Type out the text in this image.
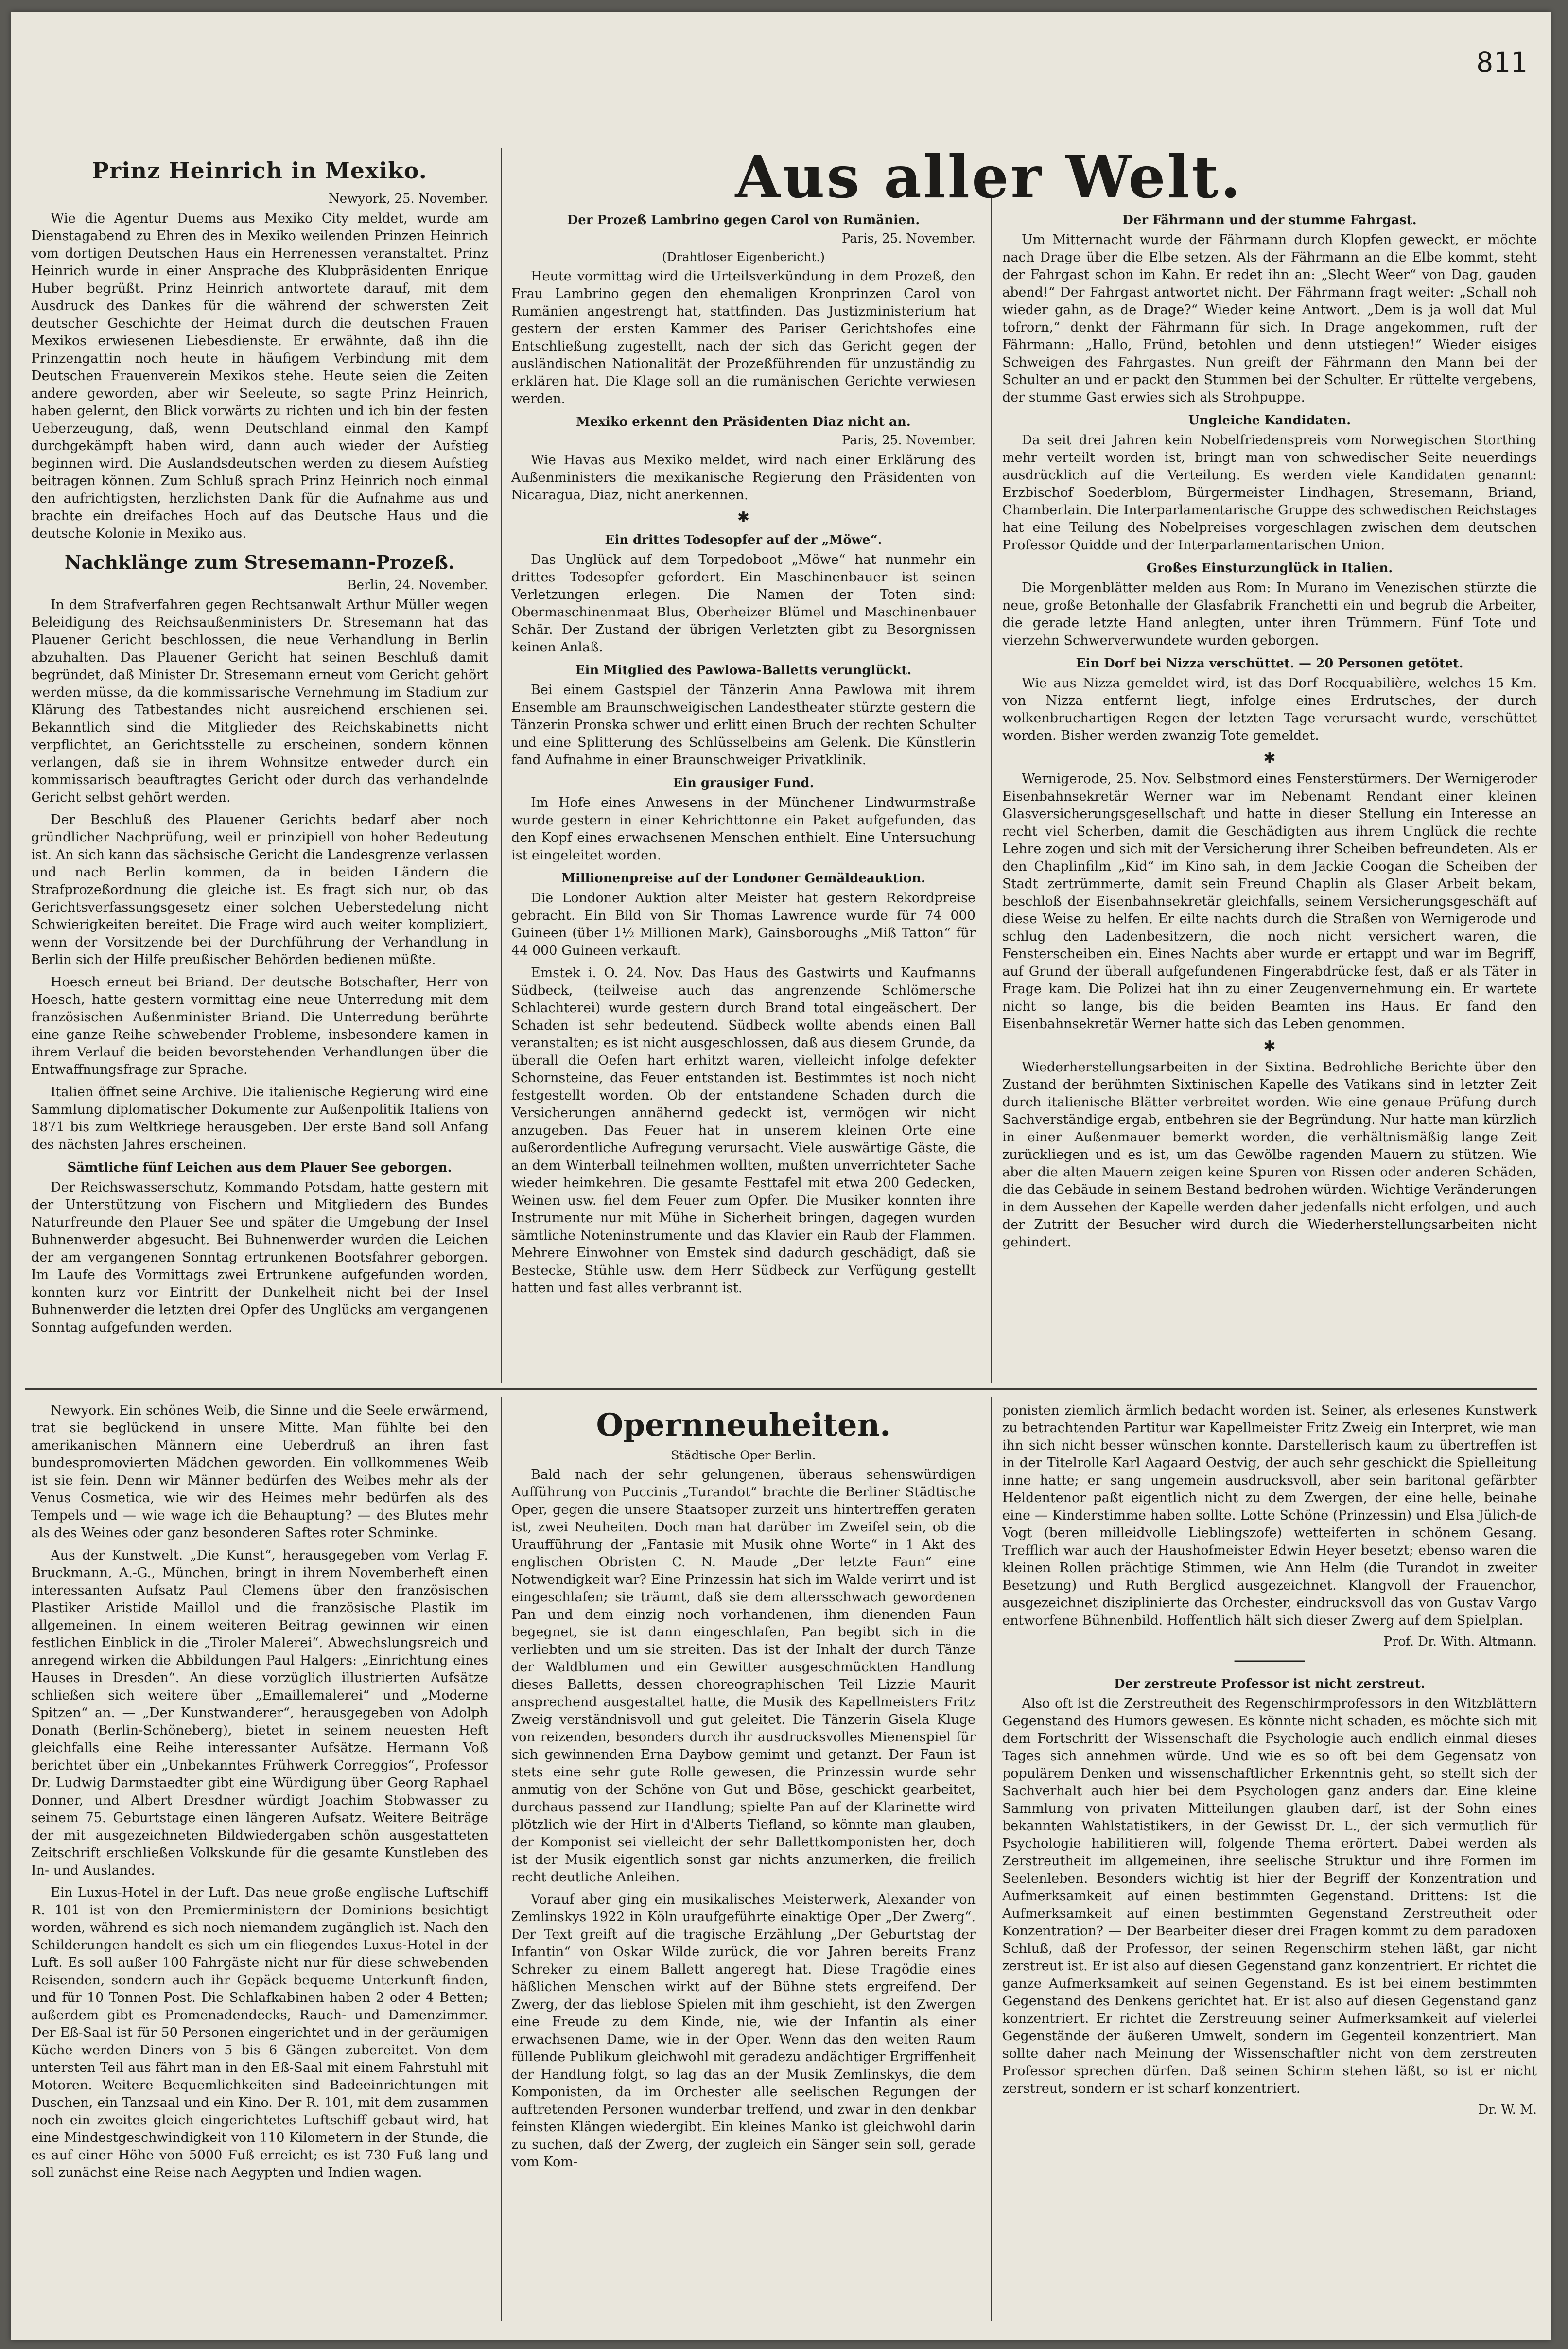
811
Prinz Heinrich in Mexiko.
Newyork, 25. November.

Wie die Agentur Duems aus Mexiko City meldet, wurde am Dienstagabend zu Ehren des in Mexiko weilenden Prinzen Heinrich vom dortigen Deutschen Haus ein Herrenessen veranstaltet. Prinz Heinrich wurde in einer Ansprache des Klubpräsidenten Enrique Huber begrüßt. Prinz Heinrich antwortete darauf, mit dem Ausdruck des Dankes für die während der schwersten Zeit deutscher Geschichte der Heimat durch die deutschen Frauen Mexikos erwiesenen Liebesdienste. Er erwähnte, daß ihn die Prinzengattin noch heute in häufigem Verbindung mit dem Deutschen Frauenverein Mexikos stehe. Heute seien die Zeiten andere geworden, aber wir Seeleute, so sagte Prinz Heinrich, haben gelernt, den Blick vorwärts zu richten und ich bin der festen Ueberzeugung, daß, wenn Deutschland einmal den Kampf durchgekämpft haben wird, dann auch wieder der Aufstieg beginnen wird. Die Auslandsdeutschen werden zu diesem Aufstieg beitragen können. Zum Schluß sprach Prinz Heinrich noch einmal den aufrichtigsten, herzlichsten Dank für die Aufnahme aus und brachte ein dreifaches Hoch auf das Deutsche Haus und die deutsche Kolonie in Mexiko aus.

Nachklänge zum Stresemann-Prozeß.
Berlin, 24. November.

In dem Strafverfahren gegen Rechtsanwalt Arthur Müller wegen Beleidigung des Reichsaußenministers Dr. Stresemann hat das Plauener Gericht beschlossen, die neue Verhandlung in Berlin abzuhalten. Das Plauener Gericht hat seinen Beschluß damit begründet, daß Minister Dr. Stresemann erneut vom Gericht gehört werden müsse, da die kommissarische Vernehmung im Stadium zur Klärung des Tatbestandes nicht ausreichend erschienen sei. Bekanntlich sind die Mitglieder des Reichskabinetts nicht verpflichtet, an Gerichtsstelle zu erscheinen, sondern können verlangen, daß sie in ihrem Wohnsitze entweder durch ein kommissarisch beauftragtes Gericht oder durch das verhandelnde Gericht selbst gehört werden.

Der Beschluß des Plauener Gerichts bedarf aber noch gründlicher Nachprüfung, weil er prinzipiell von hoher Bedeutung ist. An sich kann das sächsische Gericht die Landesgrenze verlassen und nach Berlin kommen, da in beiden Ländern die Strafprozeßordnung die gleiche ist. Es fragt sich nur, ob das Gerichtsverfassungsgesetz einer solchen Ueberstedelung nicht Schwierigkeiten bereitet. Die Frage wird auch weiter kompliziert, wenn der Vorsitzende bei der Durchführung der Verhandlung in Berlin sich der Hilfe preußischer Behörden bedienen müßte.

Hoesch erneut bei Briand. Der deutsche Botschafter, Herr von Hoesch, hatte gestern vormittag eine neue Unterredung mit dem französischen Außenminister Briand. Die Unterredung berührte eine ganze Reihe schwebender Probleme, insbesondere kamen in ihrem Verlauf die beiden bevorstehenden Verhandlungen über die Entwaffnungsfrage zur Sprache.

Italien öffnet seine Archive. Die italienische Regierung wird eine Sammlung diplomatischer Dokumente zur Außenpolitik Italiens von 1871 bis zum Weltkriege herausgeben. Der erste Band soll Anfang des nächsten Jahres erscheinen.

Sämtliche fünf Leichen aus dem Plauer See geborgen.

Der Reichswasserschutz, Kommando Potsdam, hatte gestern mit der Unterstützung von Fischern und Mitgliedern des Bundes Naturfreunde den Plauer See und später die Umgebung der Insel Buhnenwerder abgesucht. Bei Buhnenwerder wurden die Leichen der am vergangenen Sonntag ertrunkenen Bootsfahrer geborgen. Im Laufe des Vormittags zwei Ertrunkene aufgefunden worden, konnten kurz vor Eintritt der Dunkelheit nicht bei der Insel Buhnenwerder die letzten drei Opfer des Unglücks am vergangenen Sonntag aufgefunden werden.

Aus aller Welt.
Der Prozeß Lambrino gegen Carol von Rumänien.
Paris, 25. November.
(Drahtloser Eigenbericht.)

Heute vormittag wird die Urteilsverkündung in dem Prozeß, den Frau Lambrino gegen den ehemaligen Kronprinzen Carol von Rumänien angestrengt hat, stattfinden. Das Justizministerium hat gestern der ersten Kammer des Pariser Gerichtshofes eine Entschließung zugestellt, nach der sich das Gericht gegen der ausländischen Nationalität der Prozeßführenden für unzuständig zu erklären hat. Die Klage soll an die rumänischen Gerichte verwiesen werden.

Mexiko erkennt den Präsidenten Diaz nicht an.
Paris, 25. November.

Wie Havas aus Mexiko meldet, wird nach einer Erklärung des Außenministers die mexikanische Regierung den Präsidenten von Nicaragua, Diaz, nicht anerkennen.

✱
Ein drittes Todesopfer auf der „Möwe“.

Das Unglück auf dem Torpedoboot „Möwe“ hat nunmehr ein drittes Todesopfer gefordert. Ein Maschinenbauer ist seinen Verletzungen erlegen. Die Namen der Toten sind: Obermaschinenmaat Blus, Oberheizer Blümel und Maschinenbauer Schär. Der Zustand der übrigen Verletzten gibt zu Besorgnissen keinen Anlaß.

Ein Mitglied des Pawlowa-Balletts verunglückt.

Bei einem Gastspiel der Tänzerin Anna Pawlowa mit ihrem Ensemble am Braunschweigischen Landestheater stürzte gestern die Tänzerin Pronska schwer und erlitt einen Bruch der rechten Schulter und eine Splitterung des Schlüsselbeins am Gelenk. Die Künstlerin fand Aufnahme in einer Braunschweiger Privatklinik.

Ein grausiger Fund.

Im Hofe eines Anwesens in der Münchener Lindwurmstraße wurde gestern in einer Kehrichttonne ein Paket aufgefunden, das den Kopf eines erwachsenen Menschen enthielt. Eine Untersuchung ist eingeleitet worden.

Millionenpreise auf der Londoner Gemäldeauktion.

Die Londoner Auktion alter Meister hat gestern Rekordpreise gebracht. Ein Bild von Sir Thomas Lawrence wurde für 74 000 Guineen (über 1½ Millionen Mark), Gainsboroughs „Miß Tatton“ für 44 000 Guineen verkauft.

Emstek i. O. 24. Nov. Das Haus des Gastwirts und Kaufmanns Südbeck, (teilweise auch das angrenzende Schlömersche Schlachterei) wurde gestern durch Brand total eingeäschert. Der Schaden ist sehr bedeutend. Südbeck wollte abends einen Ball veranstalten; es ist nicht ausgeschlossen, daß aus diesem Grunde, da überall die Oefen hart erhitzt waren, vielleicht infolge defekter Schornsteine, das Feuer entstanden ist. Bestimmtes ist noch nicht festgestellt worden. Ob der entstandene Schaden durch die Versicherungen annähernd gedeckt ist, vermögen wir nicht anzugeben. Das Feuer hat in unserem kleinen Orte eine außerordentliche Aufregung verursacht. Viele auswärtige Gäste, die an dem Winterball teilnehmen wollten, mußten unverrichteter Sache wieder heimkehren. Die gesamte Festtafel mit etwa 200 Gedecken, Weinen usw. fiel dem Feuer zum Opfer. Die Musiker konnten ihre Instrumente nur mit Mühe in Sicherheit bringen, dagegen wurden sämtliche Noteninstrumente und das Klavier ein Raub der Flammen. Mehrere Einwohner von Emstek sind dadurch geschädigt, daß sie Bestecke, Stühle usw. dem Herr Südbeck zur Verfügung gestellt hatten und fast alles verbrannt ist.

Der Fährmann und der stumme Fahrgast.

Um Mitternacht wurde der Fährmann durch Klopfen geweckt, er möchte nach Drage über die Elbe setzen. Als der Fährmann an die Elbe kommt, steht der Fahrgast schon im Kahn. Er redet ihn an: „Slecht Weer“ von Dag, gauden abend!“ Der Fahrgast antwortet nicht. Der Fährmann fragt weiter: „Schall noh wieder gahn, as de Drage?“ Wieder keine Antwort. „Dem is ja woll dat Mul tofrorn,“ denkt der Fährmann für sich. In Drage angekommen, ruft der Fährmann: „Hallo, Fründ, betohlen und denn utstiegen!“ Wieder eisiges Schweigen des Fahrgastes. Nun greift der Fährmann den Mann bei der Schulter an und er packt den Stummen bei der Schulter. Er rüttelte vergebens, der stumme Gast erwies sich als Strohpuppe.

Ungleiche Kandidaten.

Da seit drei Jahren kein Nobelfriedenspreis vom Norwegischen Storthing mehr verteilt worden ist, bringt man von schwedischer Seite neuerdings ausdrücklich auf die Verteilung. Es werden viele Kandidaten genannt: Erzbischof Soederblom, Bürgermeister Lindhagen, Stresemann, Briand, Chamberlain. Die Interparlamentarische Gruppe des schwedischen Reichstages hat eine Teilung des Nobelpreises vorgeschlagen zwischen dem deutschen Professor Quidde und der Interparlamentarischen Union.

Großes Einsturzunglück in Italien.

Die Morgenblätter melden aus Rom: In Murano im Venezischen stürzte die neue, große Betonhalle der Glasfabrik Franchetti ein und begrub die Arbeiter, die gerade letzte Hand anlegten, unter ihren Trümmern. Fünf Tote und vierzehn Schwerverwundete wurden geborgen.

Ein Dorf bei Nizza verschüttet. — 20 Personen getötet.

Wie aus Nizza gemeldet wird, ist das Dorf Rocquabilière, welches 15 Km. von Nizza entfernt liegt, infolge eines Erdrutsches, der durch wolkenbruchartigen Regen der letzten Tage verursacht wurde, verschüttet worden. Bisher werden zwanzig Tote gemeldet.

✱

Wernigerode, 25. Nov. Selbstmord eines Fensterstürmers. Der Wernigeroder Eisenbahnsekretär Werner war im Nebenamt Rendant einer kleinen Glasversicherungsgesellschaft und hatte in dieser Stellung ein Interesse an recht viel Scherben, damit die Geschädigten aus ihrem Unglück die rechte Lehre zogen und sich mit der Versicherung ihrer Scheiben befreundeten. Als er den Chaplinfilm „Kid“ im Kino sah, in dem Jackie Coogan die Scheiben der Stadt zertrümmerte, damit sein Freund Chaplin als Glaser Arbeit bekam, beschloß der Eisenbahnsekretär gleichfalls, seinem Versicherungsgeschäft auf diese Weise zu helfen. Er eilte nachts durch die Straßen von Wernigerode und schlug den Ladenbesitzern, die noch nicht versichert waren, die Fensterscheiben ein. Eines Nachts aber wurde er ertappt und war im Begriff, auf Grund der überall aufgefundenen Fingerabdrücke fest, daß er als Täter in Frage kam. Die Polizei hat ihn zu einer Zeugenvernehmung ein. Er wartete nicht so lange, bis die beiden Beamten ins Haus. Er fand den Eisenbahnsekretär Werner hatte sich das Leben genommen.

✱

Wiederherstellungsarbeiten in der Sixtina. Bedrohliche Berichte über den Zustand der berühmten Sixtinischen Kapelle des Vatikans sind in letzter Zeit durch italienische Blätter verbreitet worden. Wie eine genaue Prüfung durch Sachverständige ergab, entbehren sie der Begründung. Nur hatte man kürzlich in einer Außenmauer bemerkt worden, die verhältnismäßig lange Zeit zurückliegen und es ist, um das Gewölbe ragenden Mauern zu stützen. Wie aber die alten Mauern zeigen keine Spuren von Rissen oder anderen Schäden, die das Gebäude in seinem Bestand bedrohen würden. Wichtige Veränderungen in dem Aussehen der Kapelle werden daher jedenfalls nicht erfolgen, und auch der Zutritt der Besucher wird durch die Wiederherstellungsarbeiten nicht gehindert.

Newyork. Ein schönes Weib, die Sinne und die Seele erwärmend, trat sie beglückend in unsere Mitte. Man fühlte bei den amerikanischen Männern eine Ueberdruß an ihren fast bundespromovierten Mädchen geworden. Ein vollkommenes Weib ist sie fein. Denn wir Männer bedürfen des Weibes mehr als der Venus Cosmetica, wie wir des Heimes mehr bedürfen als des Tempels und — wie wage ich die Behauptung? — des Blutes mehr als des Weines oder ganz besonderen Saftes roter Schminke.

Aus der Kunstwelt. „Die Kunst“, herausgegeben vom Verlag F. Bruckmann, A.-G., München, bringt in ihrem Novemberheft einen interessanten Aufsatz Paul Clemens über den französischen Plastiker Aristide Maillol und die französische Plastik im allgemeinen. In einem weiteren Beitrag gewinnen wir einen festlichen Einblick in die „Tiroler Malerei“. Abwechslungsreich und anregend wirken die Abbildungen Paul Halgers: „Einrichtung eines Hauses in Dresden“. An diese vorzüglich illustrierten Aufsätze schließen sich weitere über „Emaillemalerei“ und „Moderne Spitzen“ an. — „Der Kunstwanderer“, herausgegeben von Adolph Donath (Berlin-Schöneberg), bietet in seinem neuesten Heft gleichfalls eine Reihe interessanter Aufsätze. Hermann Voß berichtet über ein „Unbekanntes Frühwerk Correggios“, Professor Dr. Ludwig Darmstaedter gibt eine Würdigung über Georg Raphael Donner, und Albert Dresdner würdigt Joachim Stobwasser zu seinem 75. Geburtstage einen längeren Aufsatz. Weitere Beiträge der mit ausgezeichneten Bildwiedergaben schön ausgestatteten Zeitschrift erschließen Volkskunde für die gesamte Kunstleben des In- und Auslandes.

Ein Luxus-Hotel in der Luft. Das neue große englische Luftschiff R. 101 ist von den Premierministern der Dominions besichtigt worden, während es sich noch niemandem zugänglich ist. Nach den Schilderungen handelt es sich um ein fliegendes Luxus-Hotel in der Luft. Es soll außer 100 Fahrgäste nicht nur für diese schwebenden Reisenden, sondern auch ihr Gepäck bequeme Unterkunft finden, und für 10 Tonnen Post. Die Schlafkabinen haben 2 oder 4 Betten; außerdem gibt es Promenadendecks, Rauch- und Damenzimmer. Der Eß-Saal ist für 50 Personen eingerichtet und in der geräumigen Küche werden Diners von 5 bis 6 Gängen zubereitet. Von dem untersten Teil aus fährt man in den Eß-Saal mit einem Fahrstuhl mit Motoren. Weitere Bequemlichkeiten sind Badeeinrichtungen mit Duschen, ein Tanzsaal und ein Kino. Der R. 101, mit dem zusammen noch ein zweites gleich eingerichtetes Luftschiff gebaut wird, hat eine Mindestgeschwindigkeit von 110 Kilometern in der Stunde, die es auf einer Höhe von 5000 Fuß erreicht; es ist 730 Fuß lang und soll zunächst eine Reise nach Aegypten und Indien wagen.

Opernneuheiten.
Städtische Oper Berlin.

Bald nach der sehr gelungenen, überaus sehenswürdigen Aufführung von Puccinis „Turandot“ brachte die Berliner Städtische Oper, gegen die unsere Staatsoper zurzeit uns hintertreffen geraten ist, zwei Neuheiten. Doch man hat darüber im Zweifel sein, ob die Uraufführung der „Fantasie mit Musik ohne Worte“ in 1 Akt des englischen Obristen C. N. Maude „Der letzte Faun“ eine Notwendigkeit war? Eine Prinzessin hat sich im Walde verirrt und ist eingeschlafen; sie träumt, daß sie dem altersschwach gewordenen Pan und dem einzig noch vorhandenen, ihm dienenden Faun begegnet, sie ist dann eingeschlafen, Pan begibt sich in die verliebten und um sie streiten. Das ist der Inhalt der durch Tänze der Waldblumen und ein Gewitter ausgeschmückten Handlung dieses Balletts, dessen choreographischen Teil Lizzie Maurit ansprechend ausgestaltet hatte, die Musik des Kapellmeisters Fritz Zweig verständnisvoll und gut geleitet. Die Tänzerin Gisela Kluge von reizenden, besonders durch ihr ausdrucksvolles Mienenspiel für sich gewinnenden Erna Daybow gemimt und getanzt. Der Faun ist stets eine sehr gute Rolle gewesen, die Prinzessin wurde sehr anmutig von der Schöne von Gut und Böse, geschickt gearbeitet, durchaus passend zur Handlung; spielte Pan auf der Klarinette wird plötzlich wie der Hirt in d'Alberts Tiefland, so könnte man glauben, der Komponist sei vielleicht der sehr Ballettkomponisten her, doch ist der Musik eigentlich sonst gar nichts anzumerken, die freilich recht deutliche Anleihen.

Vorauf aber ging ein musikalisches Meisterwerk, Alexander von Zemlinskys 1922 in Köln uraufgeführte einaktige Oper „Der Zwerg“. Der Text greift auf die tragische Erzählung „Der Geburtstag der Infantin“ von Oskar Wilde zurück, die vor Jahren bereits Franz Schreker zu einem Ballett angeregt hat. Diese Tragödie eines häßlichen Menschen wirkt auf der Bühne stets ergreifend. Der Zwerg, der das lieblose Spielen mit ihm geschieht, ist den Zwergen eine Freude zu dem Kinde, nie, wie der Infantin als einer erwachsenen Dame, wie in der Oper. Wenn das den weiten Raum füllende Publikum gleichwohl mit geradezu andächtiger Ergriffenheit der Handlung folgt, so lag das an der Musik Zemlinskys, die dem Komponisten, da im Orchester alle seelischen Regungen der auftretenden Personen wunderbar treffend, und zwar in den denkbar feinsten Klängen wiedergibt. Ein kleines Manko ist gleichwohl darin zu suchen, daß der Zwerg, der zugleich ein Sänger sein soll, gerade vom Kom-

ponisten ziemlich ärmlich bedacht worden ist. Seiner, als erlesenes Kunstwerk zu betrachtenden Partitur war Kapellmeister Fritz Zweig ein Interpret, wie man ihn sich nicht besser wünschen konnte. Darstellerisch kaum zu übertreffen ist in der Titelrolle Karl Aagaard Oestvig, der auch sehr geschickt die Spielleitung inne hatte; er sang ungemein ausdrucksvoll, aber sein baritonal gefärbter Heldentenor paßt eigentlich nicht zu dem Zwergen, der eine helle, beinahe eine — Kinderstimme haben sollte. Lotte Schöne (Prinzessin) und Elsa Jülich-de Vogt (beren milleidvolle Lieblingszofe) wetteiferten in schönem Gesang. Trefflich war auch der Haushofmeister Edwin Heyer besetzt; ebenso waren die kleinen Rollen prächtige Stimmen, wie Ann Helm (die Turandot in zweiter Besetzung) und Ruth Berglicd ausgezeichnet. Klangvoll der Frauenchor, ausgezeichnet disziplinierte das Orchester, eindrucksvoll das von Gustav Vargo entworfene Bühnenbild. Hoffentlich hält sich dieser Zwerg auf dem Spielplan.

Prof. Dr. With. Altmann.
────────
Der zerstreute Professor ist nicht zerstreut.

Also oft ist die Zerstreutheit des Regenschirmprofessors in den Witzblättern Gegenstand des Humors gewesen. Es könnte nicht schaden, es möchte sich mit dem Fortschritt der Wissenschaft die Psychologie auch endlich einmal dieses Tages sich annehmen würde. Und wie es so oft bei dem Gegensatz von populärem Denken und wissenschaftlicher Erkenntnis geht, so stellt sich der Sachverhalt auch hier bei dem Psychologen ganz anders dar. Eine kleine Sammlung von privaten Mitteilungen glauben darf, ist der Sohn eines bekannten Wahlstatistikers, in der Gewisst Dr. L., der sich vermutlich für Psychologie habilitieren will, folgende Thema erörtert. Dabei werden als Zerstreutheit im allgemeinen, ihre seelische Struktur und ihre Formen im Seelenleben. Besonders wichtig ist hier der Begriff der Konzentration und Aufmerksamkeit auf einen bestimmten Gegenstand. Drittens: Ist die Aufmerksamkeit auf einen bestimmten Gegenstand Zerstreutheit oder Konzentration? — Der Bearbeiter dieser drei Fragen kommt zu dem paradoxen Schluß, daß der Professor, der seinen Regenschirm stehen läßt, gar nicht zerstreut ist. Er ist also auf diesen Gegenstand ganz konzentriert. Er richtet die ganze Aufmerksamkeit auf seinen Gegenstand. Es ist bei einem bestimmten Gegenstand des Denkens gerichtet hat. Er ist also auf diesen Gegenstand ganz konzentriert. Er richtet die Zerstreuung seiner Aufmerksamkeit auf vielerlei Gegenstände der äußeren Umwelt, sondern im Gegenteil konzentriert. Man sollte daher nach Meinung der Wissenschaftler nicht von dem zerstreuten Professor sprechen dürfen. Daß seinen Schirm stehen läßt, so ist er nicht zerstreut, sondern er ist scharf konzentriert.

Dr. W. M.
